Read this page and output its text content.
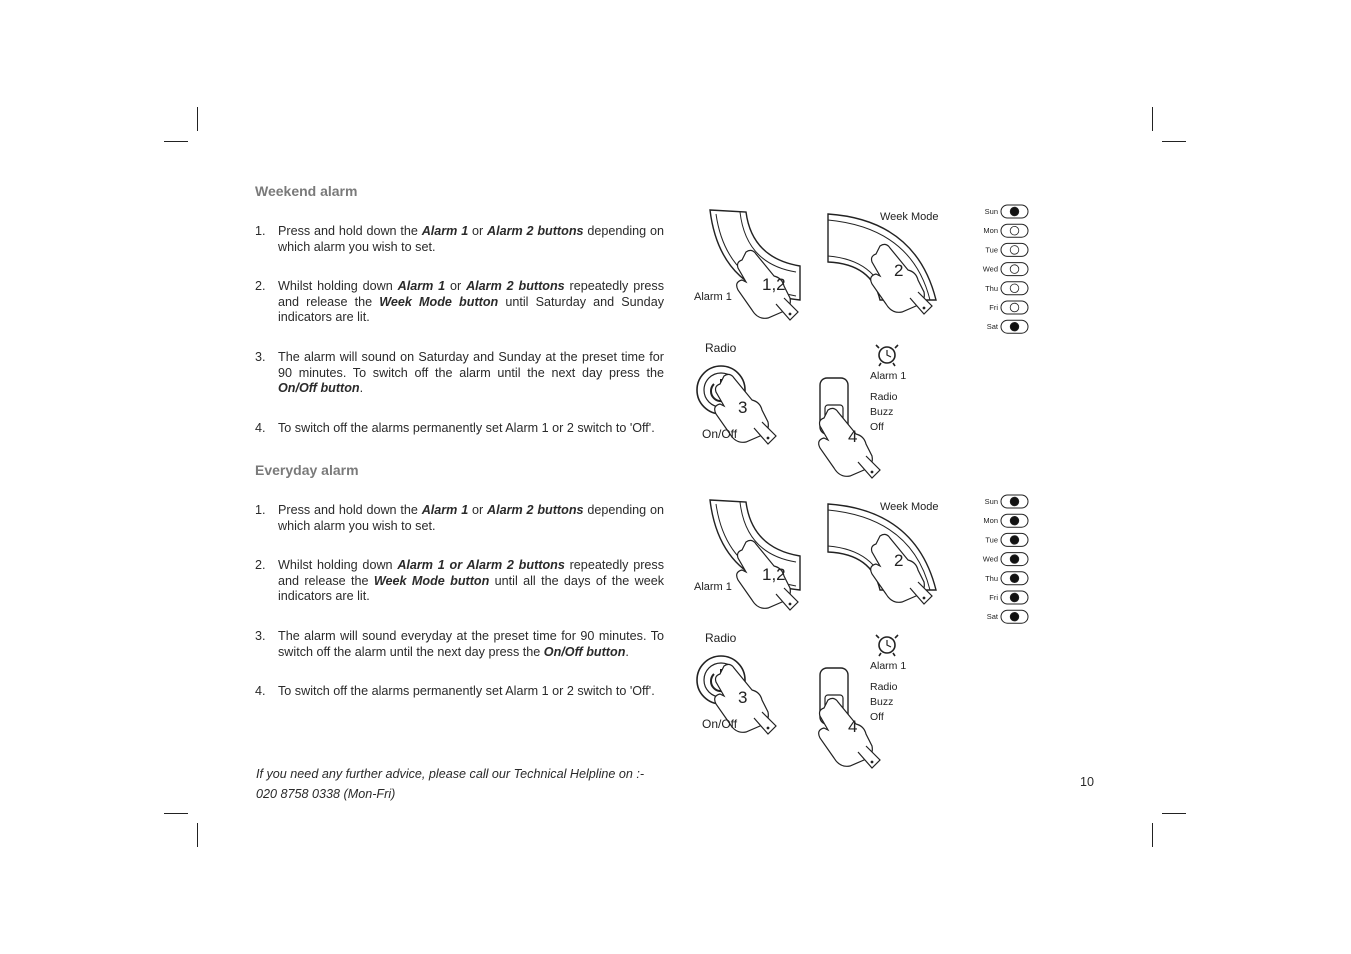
Weekend alarm
1. Press and hold down the Alarm 1 or Alarm 2 buttons depending on which alarm you wish to set.
2. Whilst holding down Alarm 1 or Alarm 2 buttons repeatedly press and release the Week Mode button until Saturday and Sunday indicators are lit.
3. The alarm will sound on Saturday and Sunday at the preset time for 90 minutes. To switch off the alarm until the next day press the On/Off button.
4. To switch off the alarms permanently set Alarm 1 or 2 switch to 'Off'.
Everyday alarm
1. Press and hold down the Alarm 1 or Alarm 2 buttons depending on which alarm you wish to set.
2. Whilst holding down Alarm 1 or Alarm 2 buttons repeatedly press and release the Week Mode button until all the days of the week indicators are lit.
3. The alarm will sound everyday at the preset time for 90 minutes. To switch off the alarm until the next day press the On/Off button.
4. To switch off the alarms permanently set Alarm 1 or 2 switch to 'Off'.
1,2
Alarm 1
2
Week Mode	Sun
Mon
Tue
Wed
Thu
Fri
Sat
Radio
3
On/Off
Alarm 1
4
Radio
Buzz
Off
1,2
Alarm 1
2
Week Mode	Sun
Mon
Tue
Wed
Thu
Fri
Sat
Radio
3
On/Off
Alarm 1
4
Radio
Buzz
Off
If you need any further advice, please call our Technical Helpline on :-
020 8758 0338 (Mon-Fri)
10
